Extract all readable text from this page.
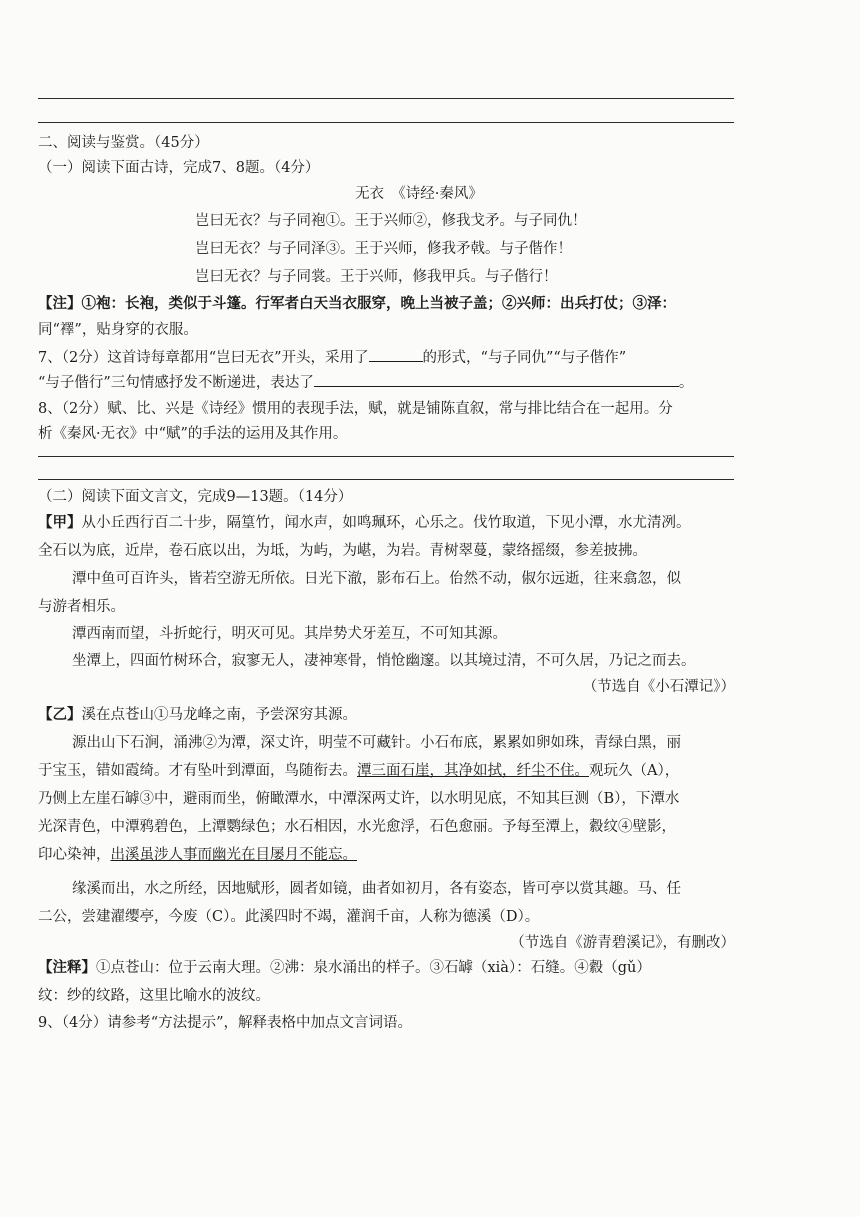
二、阅读与鉴赏。（45分）
（一）阅读下面古诗，完成7、8题。（4分）
无衣　《诗经·秦风》
岂曰无衣？与子同袍①。王于兴师②，修我戈矛。与子同仇！
岂曰无衣？与子同泽③。王于兴师，修我矛戟。与子偕作！
岂曰无衣？与子同裳。王于兴师，修我甲兵。与子偕行！
【注】①袍：长袍，类似于斗篷。行军者白天当衣服穿，晚上当被子盖；②兴师：出兵打仗；③泽：
同“襗”，贴身穿的衣服。
7、（2分）这首诗每章都用“岂曰无衣”开头，采用了	的形式，“与子同仇”“与子偕作”
“与子偕行”三句情感抒发不断递进，表达了	。
8、（2分）赋、比、兴是《诗经》惯用的表现手法，赋，就是铺陈直叙，常与排比结合在一起用。分
析《秦风·无衣》中“赋”的手法的运用及其作用。
（二）阅读下面文言文，完成9—13题。（14分）
【甲】从小丘西行百二十步，隔篁竹，闻水声，如鸣珮环，心乐之。伐竹取道，下见小潭，水尤清冽。
全石以为底，近岸，卷石底以出，为坻，为屿，为嵁，为岩。青树翠蔓，蒙络摇缀，参差披拂。
潭中鱼可百许头，皆若空游无所依。日光下澈，影布石上。佁然不动，俶尔远逝，往来翕忽，似
与游者相乐。
潭西南而望，斗折蛇行，明灭可见。其岸势犬牙差互，不可知其源。
坐潭上，四面竹树环合，寂寥无人，凄神寒骨，悄怆幽邃。以其境过清，不可久居，乃记之而去。
（节选自《小石潭记》）
【乙】溪在点苍山①马龙峰之南，予尝深穷其源。
源出山下石涧，涌沸②为潭，深丈许，明莹不可藏针。小石布底，累累如卵如珠，青绿白黑，丽
于宝玉，错如霞绮。才有坠叶到潭面，鸟随衔去。潭三面石崖，其净如拭，纤尘不住。观玩久（A），
乃侧上左崖石罅③中，避雨而坐，俯瞰潭水，中潭深两丈许，以水明见底，不知其巨测（B），下潭水
光深青色，中潭鸦碧色，上潭鹦绿色；水石相因，水光愈浮，石色愈丽。予每至潭上，縠纹④壁影，
印心染神，出溪虽涉人事而幽光在目屡月不能忘。
缘溪而出，水之所经，因地赋形，圆者如镜，曲者如初月，各有姿态，皆可亭以赏其趣。马、任
二公，尝建濯缨亭，今废（C）。此溪四时不竭，灌润千亩，人称为德溪（D）。
（节选自《游青碧溪记》，有删改）
【注释】①点苍山：位于云南大理。②沸：泉水涌出的样子。③石罅（xià）：石缝。④縠（gǔ）
纹：纱的纹路，这里比喻水的波纹。
9、（4分）请参考“方法提示”，解释表格中加点文言词语。
